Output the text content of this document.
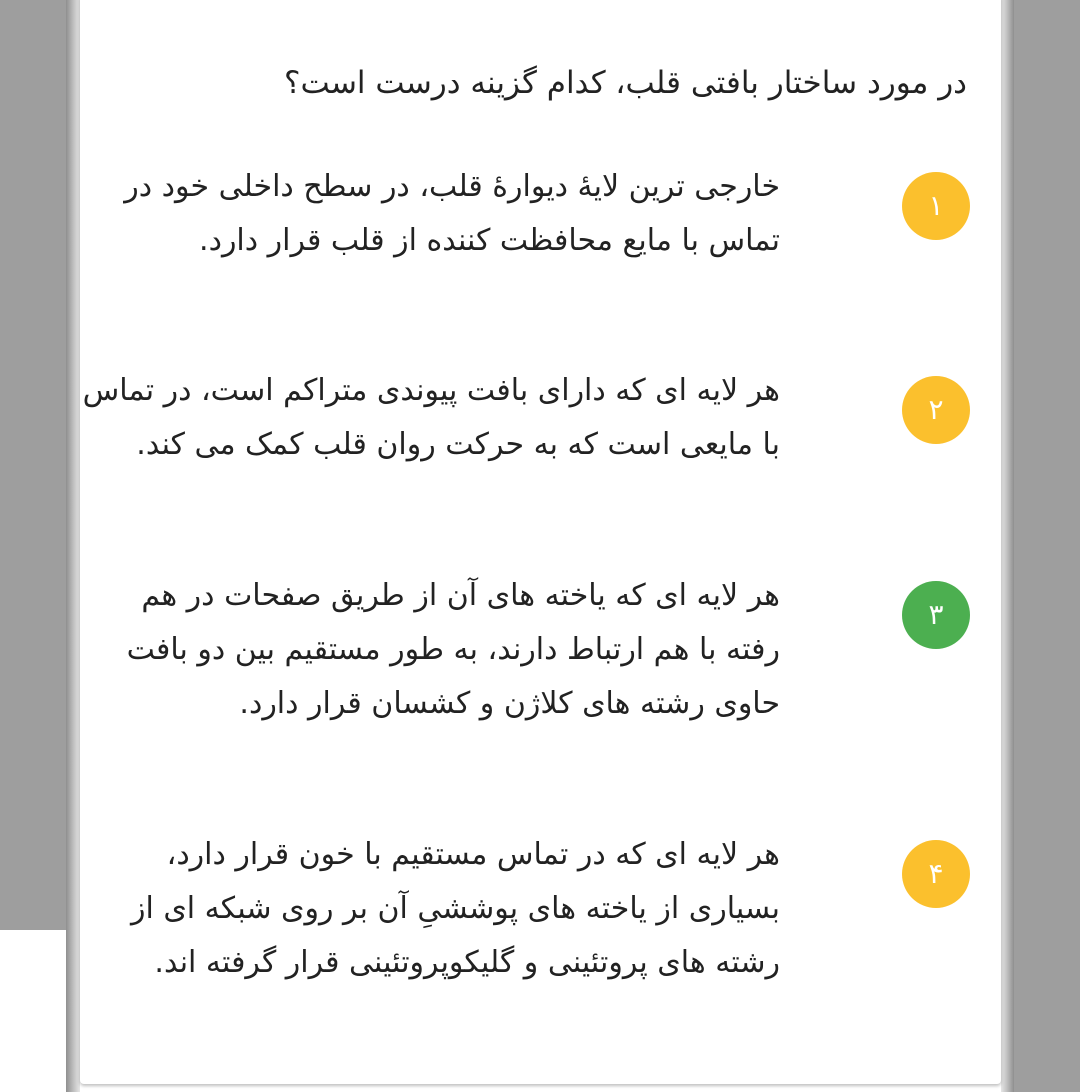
در مورد ساختار بافتی قلب، کدام گزینه درست است؟
خارجی ترین لایۀ دیوارۀ قلب، در سطح داخلی خود در تماس با مایع محافظت کننده از قلب قرار دارد.
۱
هر لایه ای که دارای بافت پیوندی متراکم است، در تماس با مایعی است که به حرکت روان قلب کمک می کند.
۲
هر لایه ای که یاخته های آن از طریق صفحات در هم رفته با هم ارتباط دارند، به طور مستقیم بین دو بافت حاوی رشته های کلاژن و کشسان قرار دارد.
۳
هر لایه ای که در تماس مستقیم با خون قرار دارد، بسیاری از یاخته های پوششیِ آن بر روی شبکه ای از رشته های پروتئینی و گلیکوپروتئینی قرار گرفته اند.
۴
